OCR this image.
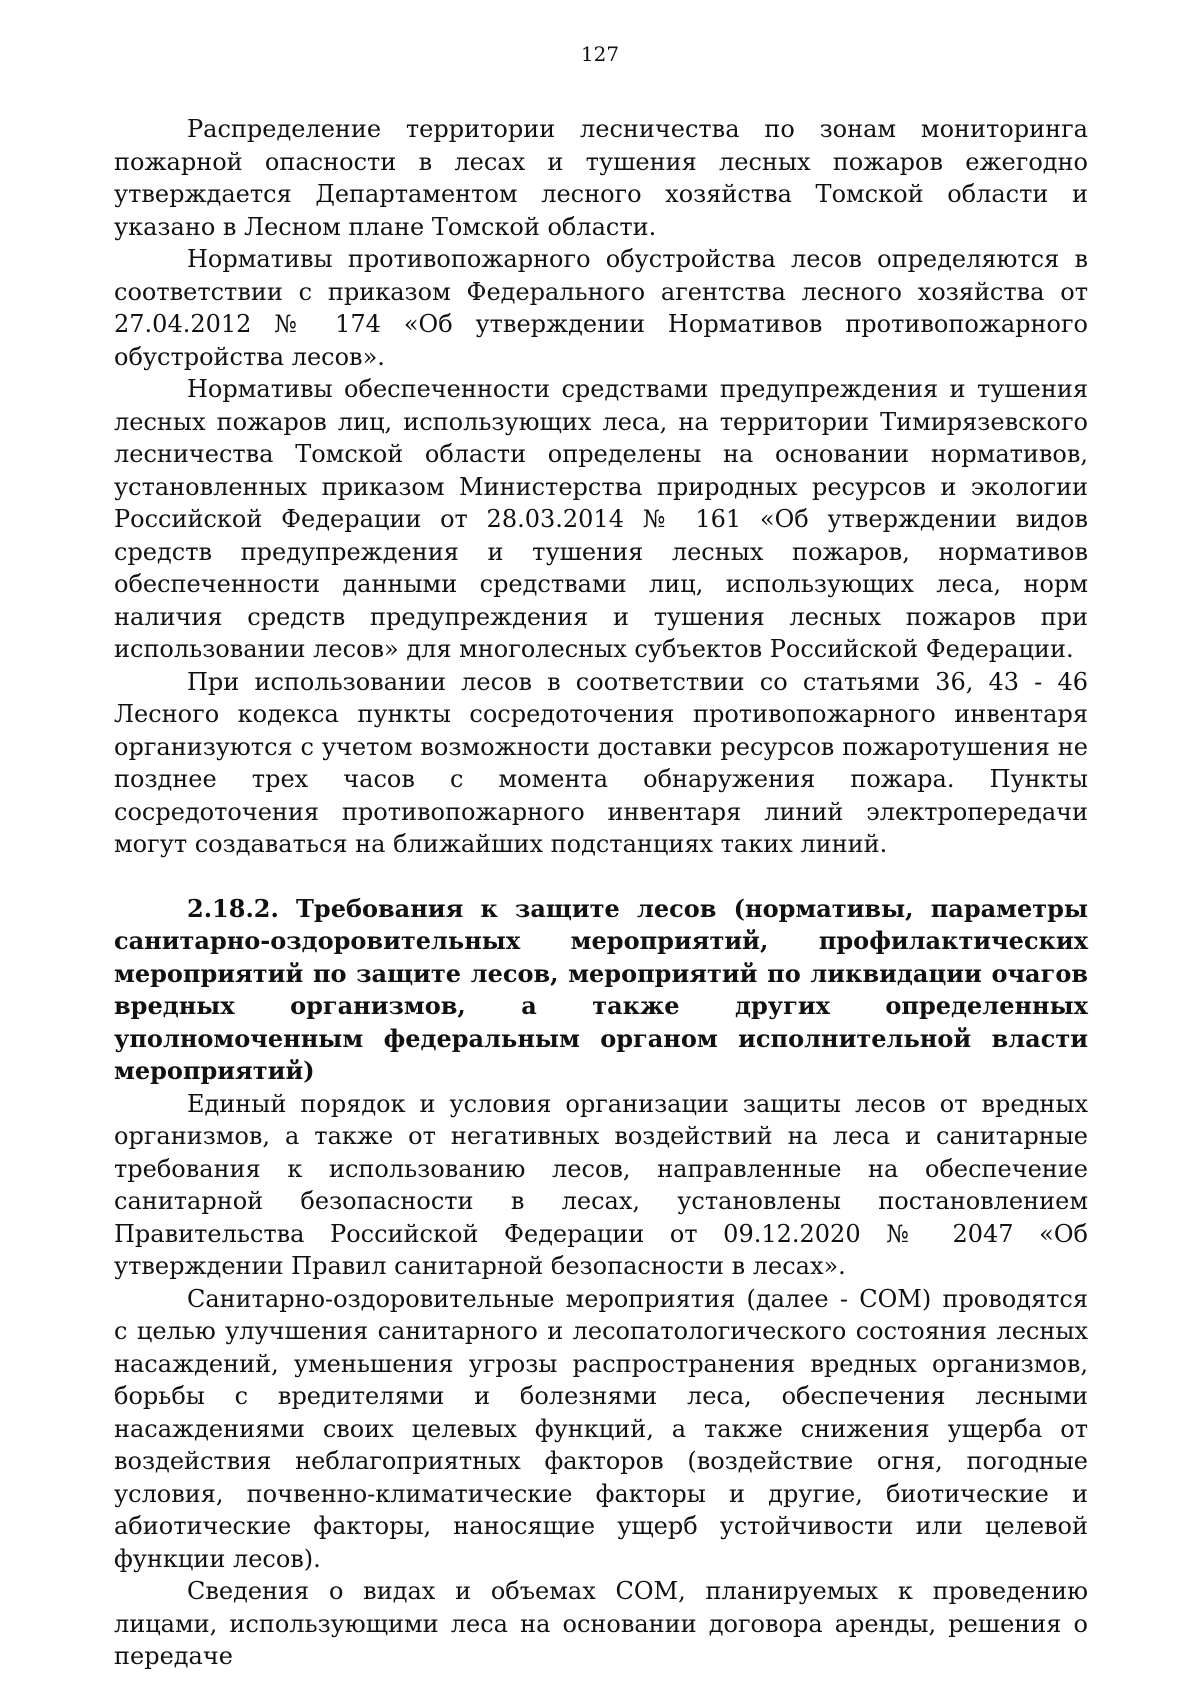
127

Распределение территории лесничества по зонам мониторинга пожарной опасности в лесах и тушения лесных пожаров ежегодно утверждается Департаментом лесного хозяйства Томской области и указано в Лесном плане Томской области.

Нормативы противопожарного обустройства лесов определяются в соответствии с приказом Федерального агентства лесного хозяйства от 27.04.2012 № 174 «Об утверждении Нормативов противопожарного обустройства лесов».

Нормативы обеспеченности средствами предупреждения и тушения лесных пожаров лиц, использующих леса, на территории Тимирязевского лесничества Томской области определены на основании нормативов, установленных приказом Министерства природных ресурсов и экологии Российской Федерации от 28.03.2014 № 161 «Об утверждении видов средств предупреждения и тушения лесных пожаров, нормативов обеспеченности данными средствами лиц, использующих леса, норм наличия средств предупреждения и тушения лесных пожаров при использовании лесов» для многолесных субъектов Российской Федерации.

При использовании лесов в соответствии со статьями 36, 43 - 46 Лесного кодекса пункты сосредоточения противопожарного инвентаря организуются с учетом возможности доставки ресурсов пожаротушения не позднее трех часов с момента обнаружения пожара. Пункты сосредоточения противопожарного инвентаря линий электропередачи могут создаваться на ближайших подстанциях таких линий.

2.18.2. Требования к защите лесов (нормативы, параметры санитарно-оздоровительных мероприятий, профилактических мероприятий по защите лесов, мероприятий по ликвидации очагов вредных организмов, а также других определенных уполномоченным федеральным органом исполнительной власти мероприятий)

Единый порядок и условия организации защиты лесов от вредных организмов, а также от негативных воздействий на леса и санитарные требования к использованию лесов, направленные на обеспечение санитарной безопасности в лесах, установлены постановлением Правительства Российской Федерации от 09.12.2020 № 2047 «Об утверждении Правил санитарной безопасности в лесах».

Санитарно-оздоровительные мероприятия (далее - СОМ) проводятся с целью улучшения санитарного и лесопатологического состояния лесных насаждений, уменьшения угрозы распространения вредных организмов, борьбы с вредителями и болезнями леса, обеспечения лесными насаждениями своих целевых функций, а также снижения ущерба от воздействия неблагоприятных факторов (воздействие огня, погодные условия, почвенно-климатические факторы и другие, биотические и абиотические факторы, наносящие ущерб устойчивости или целевой функции лесов).

Сведения о видах и объемах СОМ, планируемых к проведению лицами, использующими леса на основании договора аренды, решения о передаче
